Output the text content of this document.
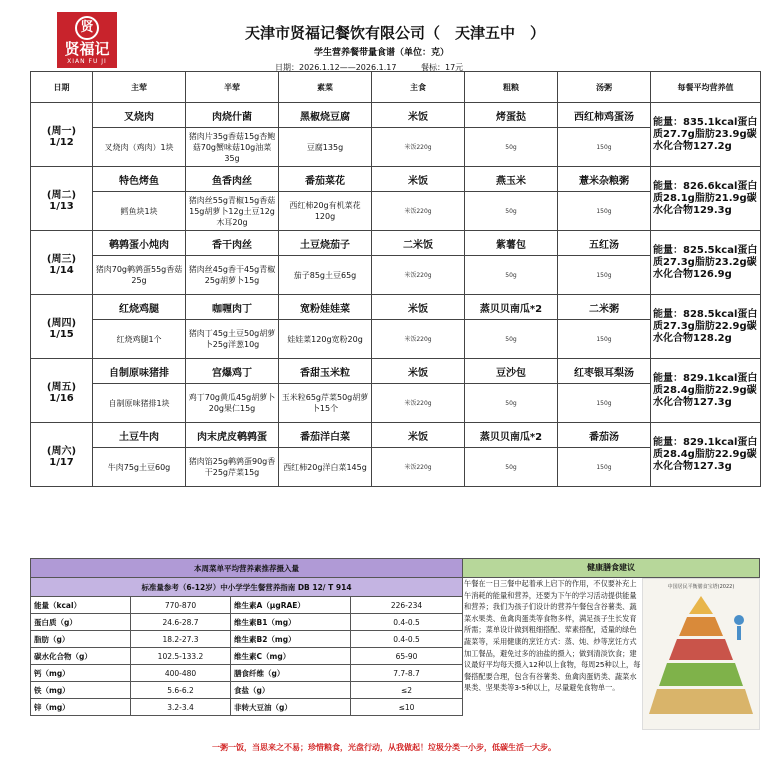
贤
贤福记
XIAN FU JI
天津市贤福记餐饮有限公司（　天津五中　）
学生营养餐带量食谱（单位：克）
日期：2026.1.12——2026.1.17	餐标：17元
日期	主荤	半荤	素菜	主食	粗粮	汤粥	每餐平均营养值
(周一) 1/12	叉烧肉	肉烧什菌	黑椒烧豆腐	米饭	烤蛋挞	西红柿鸡蛋汤	能量：835.1kcal蛋白质27.7g脂肪23.9g碳水化合物127.2g
	叉烧肉（鸡肉）1块	猪肉片35g香菇15g杏鲍菇70g蟹味菇10g油菜35g	豆腐135g	米饭220g	50g	150g	
(周二) 1/13	特色烤鱼	鱼香肉丝	番茄菜花	米饭	燕玉米	薏米杂粮粥	能量：826.6kcal蛋白质28.1g脂肪21.9g碳水化合物129.3g
	鳕鱼块1块	猪肉丝55g青椒15g香菇15g胡萝卜12g土豆12g木耳20g	西红柿20g有机菜花120g	米饭220g	50g	150g	
(周三) 1/14	鹌鹑蛋小炖肉	香干肉丝	土豆烧茄子	二米饭	紫薯包	五红汤	能量：825.5kcal蛋白质27.3g脂肪23.2g碳水化合物126.9g
	猪肉70g鹌鹑蛋55g香菇25g	猪肉丝45g香干45g青椒25g胡萝卜15g	茄子85g土豆65g	米饭220g	50g	150g	
(周四) 1/15	红烧鸡腿	咖喱肉丁	宽粉娃娃菜	米饭	蒸贝贝南瓜*2	二米粥	能量：828.5kcal蛋白质27.3g脂肪22.9g碳水化合物128.2g
	红烧鸡腿1个	猪肉丁45g土豆50g胡萝卜25g洋葱10g	娃娃菜120g宽粉20g	米饭220g	50g	150g	
(周五) 1/16	自制原味猪排	宫爆鸡丁	香甜玉米粒	米饭	豆沙包	红枣银耳梨汤	能量：829.1kcal蛋白质28.4g脂肪22.9g碳水化合物127.3g
	自制原味猪排1块	鸡丁70g黄瓜45g胡萝卜20g果仁15g	玉米粒65g芹菜50g胡萝卜15个	米饭220g	50g	150g	
(周六) 1/17	土豆牛肉	肉末虎皮鹌鹑蛋	番茄洋白菜	米饭	蒸贝贝南瓜*2	番茄汤	能量：829.1kcal蛋白质28.4g脂肪22.9g碳水化合物127.3g
	牛肉75g土豆60g	猪肉馅25g鹌鹑蛋90g香干25g芹菜15g	西红柿20g洋白菜145g	米饭220g	50g	150g	
本周菜单平均营养素推荐摄入量			
标准量参考（6-12岁）中小学学生餐营养指南 DB 12/ T 914			
能量（kcal）	770-870	维生素A（μgRAE）	226-234
蛋白质（g）	24.6-28.7	维生素B1（mg）	0.4-0.5
脂肪（g）	18.2-27.3	维生素B2（mg）	0.4-0.5
碳水化合物（g）	102.5-133.2	维生素C（mg）	65-90
钙（mg）	400-480	膳食纤维（g）	7.7-8.7
铁（mg）	5.6-6.2	食盐（g）	≤2
锌（mg）	3.2-3.4	非转大豆油（g）	≤10
健康膳食建议
午餐在一日三餐中起着承上启下的作用，不仅要补充上午消耗的能量和营养，还要为下午的学习活动提供能量和营养；我们为孩子们设计的营养午餐包含谷薯类、蔬菜水果类、鱼禽肉蛋类等食物多样，满足孩子生长发育所需；菜单设计做到粗细搭配、荤素搭配，适量的绿色蔬菜等，采用健康的烹饪方式：蒸、炖、炒等烹饪方式加工餐品，避免过多的油盐的摄入；做到清淡饮食；建议最好平均每天摄入12种以上食物，每周25种以上，每餐搭配要合理，包含有谷薯类、鱼禽肉蛋奶类、蔬菜水果类、坚果类等3-5种以上，尽量避免食物单一。
中国居民平衡膳食宝塔(2022)
一粥一饭，当思来之不易；珍惜粮食，光盘行动，从我做起！垃圾分类一小步，低碳生活一大步。
